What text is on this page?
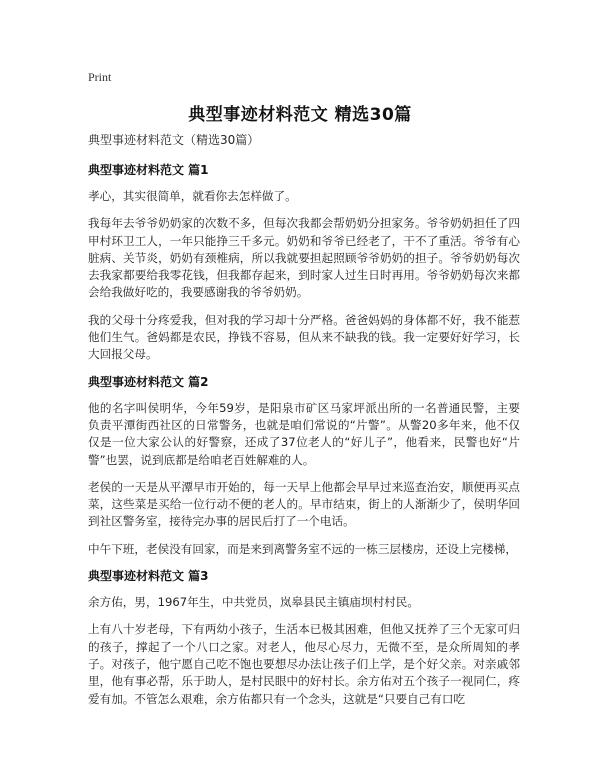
Print
典型事迹材料范文 精选30篇

典型事迹材料范文（精选30篇）

典型事迹材料范文 篇1

孝心，其实很简单，就看你去怎样做了。

我每年去爷爷奶奶家的次数不多，但每次我都会帮奶奶分担家务。爷爷奶奶担任了四甲村环卫工人，一年只能挣三千多元。奶奶和爷爷已经老了，干不了重活。爷爷有心脏病、关节炎，奶奶有颈椎病，所以我就要担起照顾爷爷奶奶的担子。爷爷奶奶每次去我家都要给我零花钱，但我都存起来，到时家人过生日时再用。爷爷奶奶每次来都会给我做好吃的，我要感谢我的爷爷奶奶。

我的父母十分疼爱我，但对我的学习却十分严格。爸爸妈妈的身体都不好，我不能惹他们生气。爸妈都是农民，挣钱不容易，但从来不缺我的钱。我一定要好好学习，长大回报父母。

典型事迹材料范文 篇2

他的名字叫侯明华，今年59岁，是阳泉市矿区马家坪派出所的一名普通民警，主要负责平潭街西社区的日常警务，也就是咱们常说的“片警”。从警20多年来，他不仅仅是一位大家公认的好警察，还成了37位老人的“好儿子”，他看来，民警也好“片警”也罢，说到底都是给咱老百姓解难的人。

老侯的一天是从平潭早市开始的，每一天早上他都会早早过来巡查治安，顺便再买点菜，这些菜是买给一位行动不便的老人的。早市结束，街上的人渐渐少了，侯明华回到社区警务室，接待完办事的居民后打了一个电话。

中午下班，老侯没有回家，而是来到离警务室不远的一栋三层楼房，还设上完楼梯，

典型事迹材料范文 篇3

余方佑，男，1967年生，中共党员，岚皋县民主镇庙坝村村民。

上有八十岁老母，下有两幼小孩子，生活本已极其困难，但他又抚养了三个无家可归的孩子，撑起了一个八口之家。对老人，他尽心尽力，无微不至，是众所周知的孝子。对孩子，他宁愿自己吃不饱也要想尽办法让孩子们上学，是个好父亲。对亲戚邻里，他有事必帮，乐于助人，是村民眼中的好村长。余方佑对五个孩子一视同仁，疼爱有加。不管怎么艰难，余方佑都只有一个念头，这就是“只要自己有口吃
